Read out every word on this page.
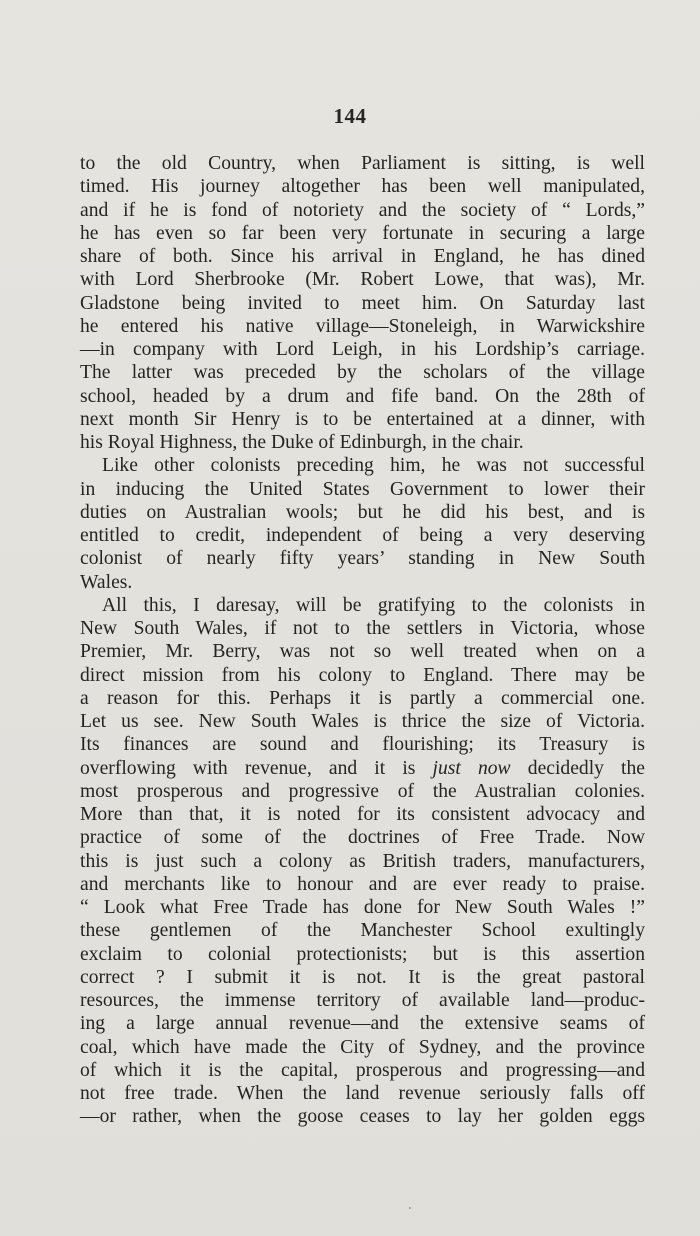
144
to the old Country, when Parliament is sitting, is well
timed. His journey altogether has been well manipulated,
and if he is fond of notoriety and the society of “ Lords,”
he has even so far been very fortunate in securing a large
share of both. Since his arrival in England, he has dined
with Lord Sherbrooke (Mr. Robert Lowe, that was), Mr.
Gladstone being invited to meet him. On Saturday last
he entered his native village—Stoneleigh, in Warwickshire
—in company with Lord Leigh, in his Lordship’s carriage.
The latter was preceded by the scholars of the village
school, headed by a drum and fife band. On the 28th of
next month Sir Henry is to be entertained at a dinner, with
his Royal Highness, the Duke of Edinburgh, in the chair.
Like other colonists preceding him, he was not successful
in inducing the United States Government to lower their
duties on Australian wools; but he did his best, and is
entitled to credit, independent of being a very deserving
colonist of nearly fifty years’ standing in New South
Wales.
All this, I daresay, will be gratifying to the colonists in
New South Wales, if not to the settlers in Victoria, whose
Premier, Mr. Berry, was not so well treated when on a
direct mission from his colony to England. There may be
a reason for this. Perhaps it is partly a commercial one.
Let us see. New South Wales is thrice the size of Victoria.
Its finances are sound and flourishing; its Treasury is
overflowing with revenue, and it is just now decidedly the
most prosperous and progressive of the Australian colonies.
More than that, it is noted for its consistent advocacy and
practice of some of the doctrines of Free Trade. Now
this is just such a colony as British traders, manufacturers,
and merchants like to honour and are ever ready to praise.
“ Look what Free Trade has done for New South Wales !”
these gentlemen of the Manchester School exultingly
exclaim to colonial protectionists; but is this assertion
correct ? I submit it is not. It is the great pastoral
resources, the immense territory of available land—produc-
ing a large annual revenue—and the extensive seams of
coal, which have made the City of Sydney, and the province
of which it is the capital, prosperous and progressing—and
not free trade. When the land revenue seriously falls off
—or rather, when the goose ceases to lay her golden eggs
